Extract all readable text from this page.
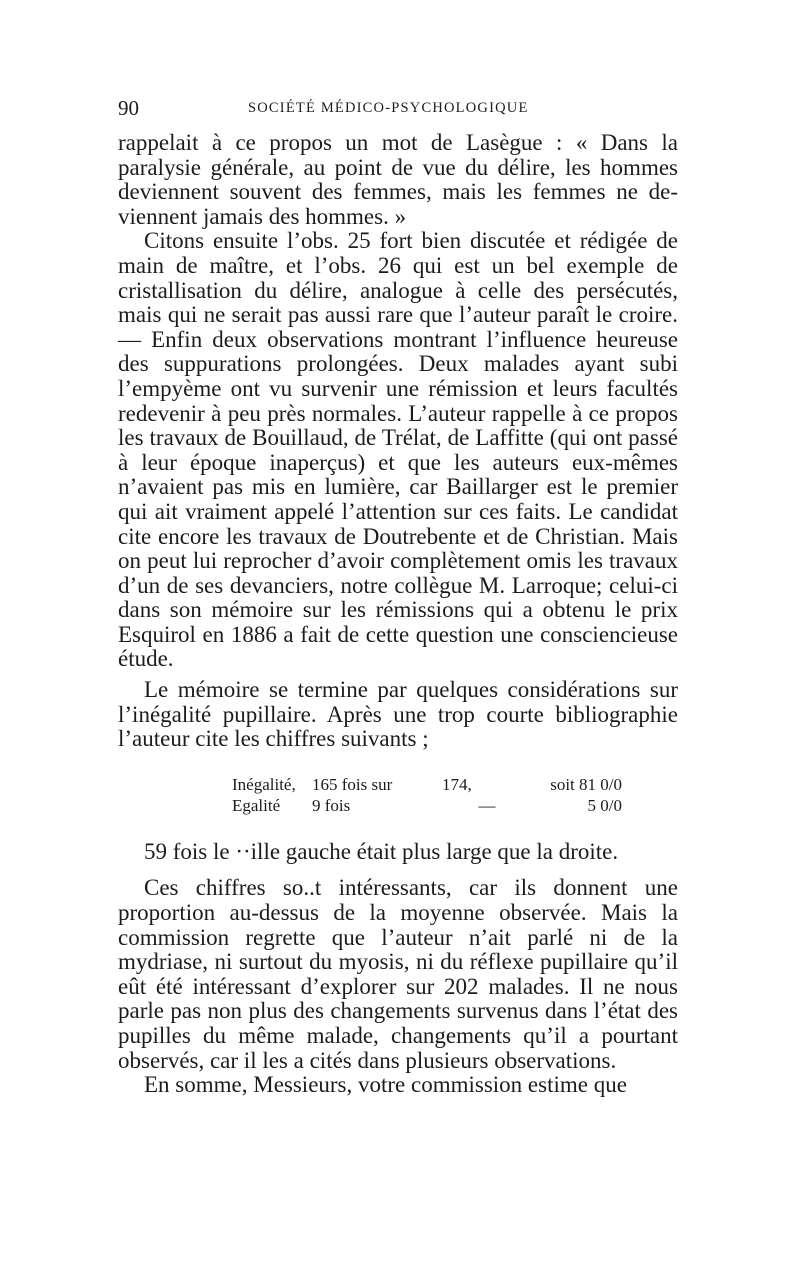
90	SOCIÉTÉ MÉDICO-PSYCHOLOGIQUE

rappelait à ce propos un mot de Lasègue : « Dans la paralysie générale, au point de vue du délire, les hommes deviennent souvent des femmes, mais les femmes ne deviennent jamais des hommes. »

Citons ensuite l’obs. 25 fort bien discutée et rédigée de main de maître, et l’obs. 26 qui est un bel exemple de cristallisation du délire, analogue à celle des persécutés, mais qui ne serait pas aussi rare que l’auteur paraît le croire. — Enfin deux observations montrant l’influence heureuse des suppurations prolongées. Deux malades ayant subi l’empyème ont vu survenir une rémission et leurs facultés redevenir à peu près normales. L’auteur rappelle à ce propos les travaux de Bouillaud, de Trélat, de Laffitte (qui ont passé à leur époque inaperçus) et que les auteurs eux-mêmes n’avaient pas mis en lumière, car Baillarger est le premier qui ait vraiment appelé l’attention sur ces faits. Le candidat cite encore les travaux de Doutrebente et de Christian. Mais on peut lui reprocher d’avoir complètement omis les travaux d’un de ses devanciers, notre collègue M. Larroque; celui-ci dans son mémoire sur les rémissions qui a obtenu le prix Esquirol en 1886 a fait de cette question une consciencieuse étude.

Le mémoire se termine par quelques considérations sur l’inégalité pupillaire. Après une trop courte bibliographie l’auteur cite les chiffres suivants ;

Inégalité,	165 fois sur	174,	soit 81 0/0
Egalité	9 fois	—	5 0/0

59 fois le ··ille gauche était plus large que la droite.

Ces chiffres so..t intéressants, car ils donnent une proportion au-dessus de la moyenne observée. Mais la commission regrette que l’auteur n’ait parlé ni de la mydriase, ni surtout du myosis, ni du réflexe pupillaire qu’il eût été intéressant d’explorer sur 202 malades. Il ne nous parle pas non plus des changements survenus dans l’état des pupilles du même malade, changements qu’il a pourtant observés, car il les a cités dans plusieurs observations.

En somme, Messieurs, votre commission estime que
